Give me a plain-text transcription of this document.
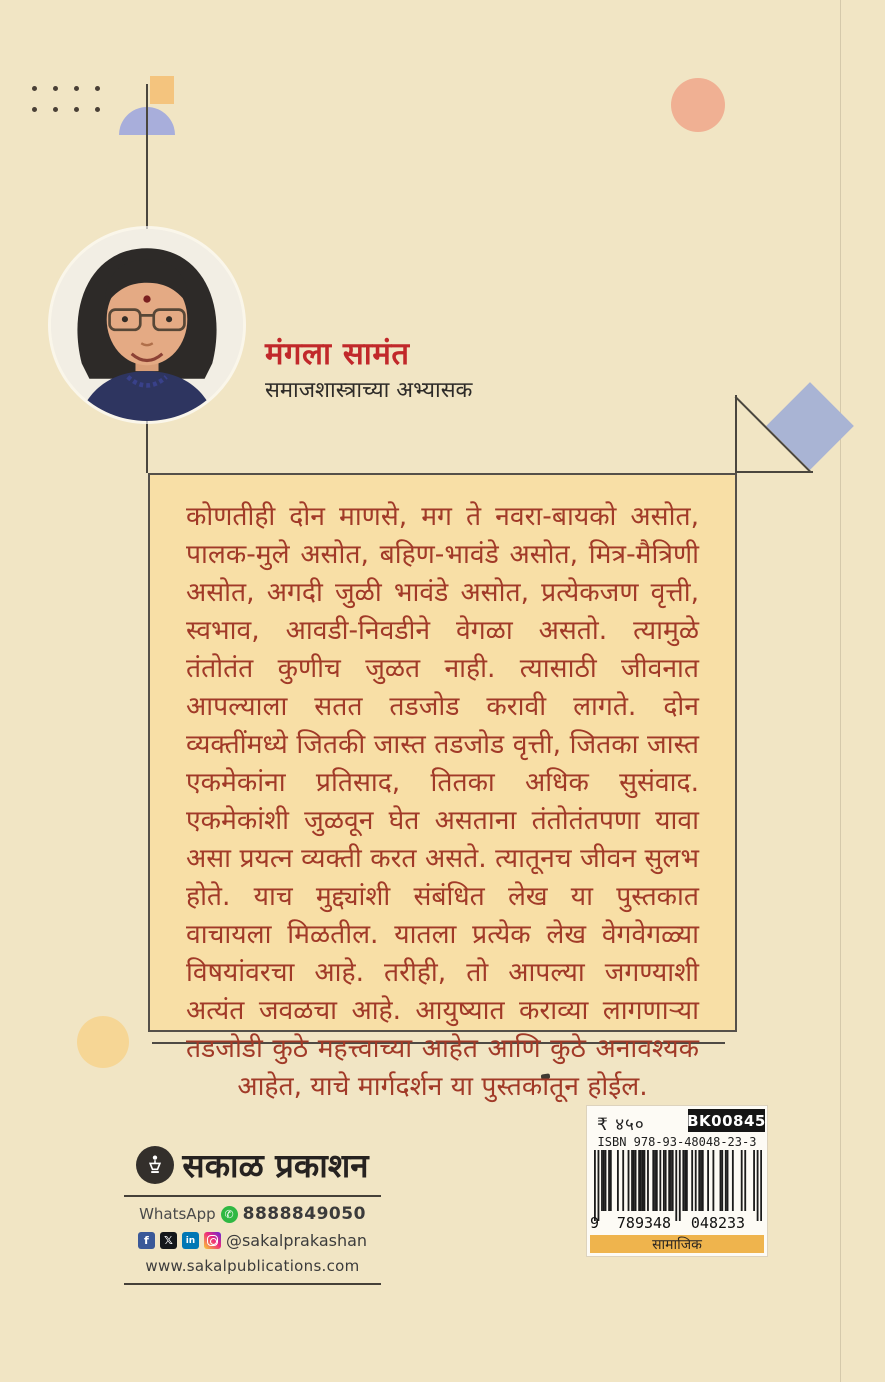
मंगला सामंत
समाजशास्त्राच्या अभ्यासक

कोणतीही दोन माणसे, मग ते नवरा-बायको असोत, पालक-मुले असोत, बहिण-भावंडे असोत, मित्र-मैत्रिणी असोत, अगदी जुळी भावंडे असोत, प्रत्येकजण वृत्ती, स्वभाव, आवडी-निवडीने वेगळा असतो. त्यामुळे तंतोतंत कुणीच जुळत नाही. त्यासाठी जीवनात आपल्याला सतत तडजोड करावी लागते. दोन व्यक्तींमध्ये जितकी जास्त तडजोड वृत्ती, जितका जास्त एकमेकांना प्रतिसाद, तितका अधिक सुसंवाद. एकमेकांशी जुळवून घेत असताना तंतोतंतपणा यावा असा प्रयत्न व्यक्ती करत असते. त्यातूनच जीवन सुलभ होते. याच मुद्द्यांशी संबंधित लेख या पुस्तकात वाचायला मिळतील. यातला प्रत्येक लेख वेगवेगळ्या विषयांवरचा आहे. तरीही, तो आपल्या जगण्याशी अत्यंत जवळचा आहे. आयुष्यात कराव्या लागणाऱ्या तडजोडी कुठे महत्त्वाच्या आहेत आणि कुठे अनावश्यक आहेत, याचे मार्गदर्शन या पुस्तकातून होईल.

सकाळ प्रकाशन
WhatsApp ✆ 8888849050
f	𝕏	in @sakalprakashan
www.sakalpublications.com
₹ ४५०	BK00845
ISBN 978-93-48048-23-3
9	789348	048233
सामाजिक
